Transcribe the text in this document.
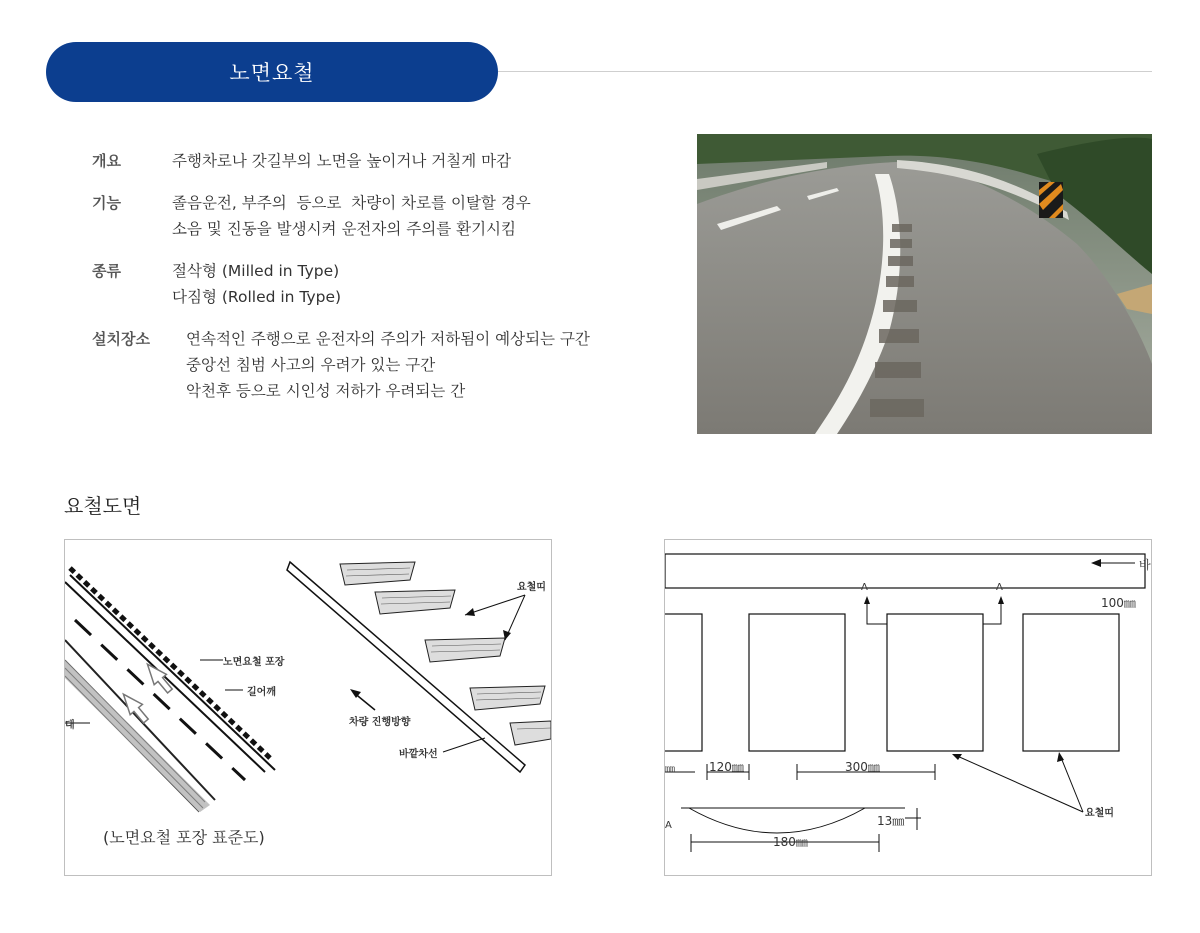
노면요철
개요	주행차로나 갓길부의 노면을 높이거나 거칠게 마감
기능	졸음운전, 부주의  등으로  차량이 차로를 이탈할 경우
소음 및 진동을 발생시켜 운전자의 주의를 환기시킴
종류	절삭형 (Milled in Type)
다짐형 (Rolled in Type)
설치장소	연속적인 주행으로 운전자의 주의가 저하됨이 예상되는 구간
중앙선 침범 사고의 우려가 있는 구간
악천후 등으로 시인성 저하가 우려되는 간
요철도면
노면요철 포장
길어깨
대	차량 진행방향
바깥차선
요철띠
(노면요철 포장 표준도)
바
A	A
A
100㎜
㎜	120㎜	300㎜
13㎜
180㎜
요철띠
